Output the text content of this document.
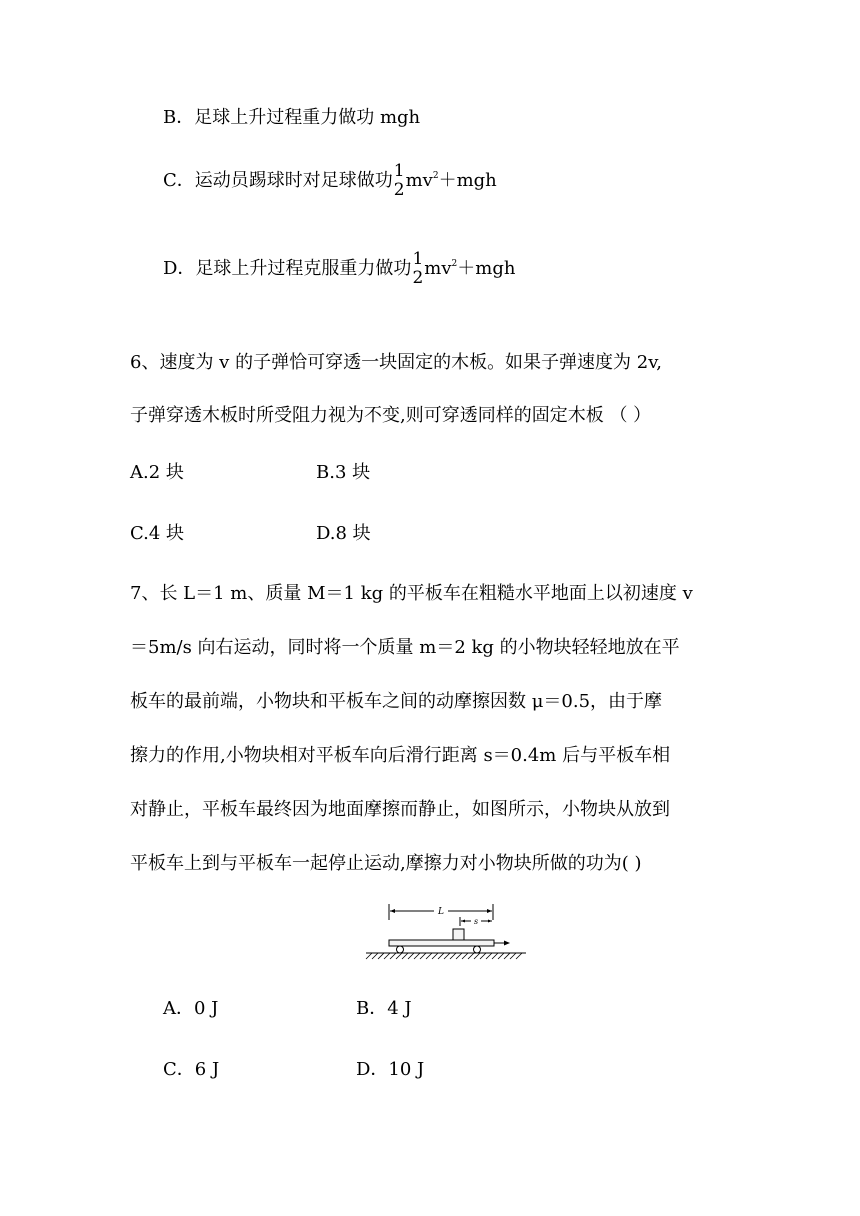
B．足球上升过程重力做功 mgh
C．运动员踢球时对足球做功 1
2 $mv^2+mgh$
D．足球上升过程克服重力做功 1
2 $mv^2+mgh$
6、速度为 v 的子弹恰可穿透一块固定的木板。如果子弹速度为 2v,
子弹穿透木板时所受阻力视为不变,则可穿透同样的固定木板 （ ）
A.2 块	B.3 块
C.4 块	D.8 块
7、长 L＝1 m、质量 M＝1 kg 的平板车在粗糙水平地面上以初速度 v
＝5m/s 向右运动，同时将一个质量 m＝2 kg 的小物块轻轻地放在平
板车的最前端，小物块和平板车之间的动摩擦因数 μ＝0.5，由于摩
擦力的作用,小物块相对平板车向后滑行距离 s＝0.4m 后与平板车相
对静止，平板车最终因为地面摩擦而静止，如图所示，小物块从放到
平板车上到与平板车一起停止运动,摩擦力对小物块所做的功为( )
L
s
A．0 J	B．4 J
C．6 J	D．10 J
